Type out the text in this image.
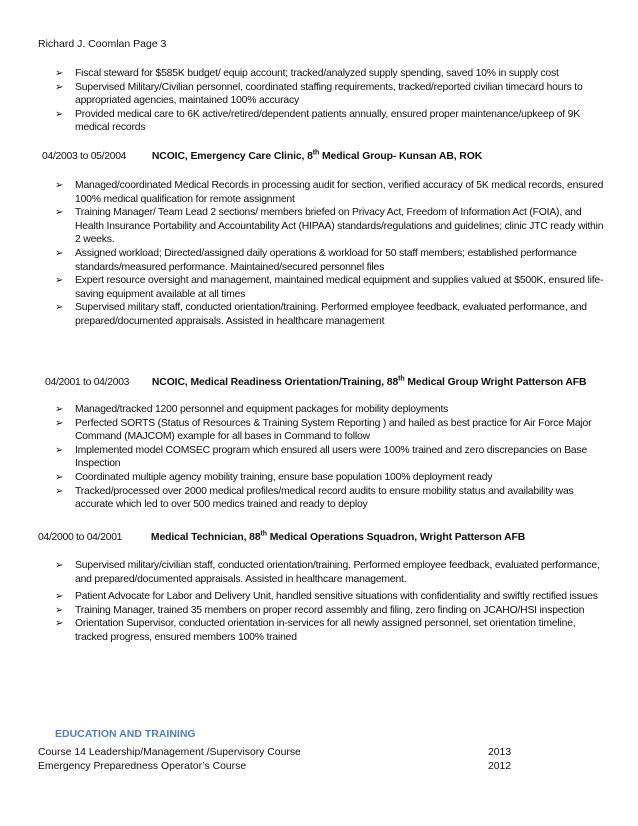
Richard J. Coomlan Page 3
➢	Fiscal steward for $585K budget/ equip account; tracked/analyzed supply spending, saved 10% in supply cost
➢	Supervised Military/Civilian personnel, coordinated staffing requirements, tracked/reported civilian timecard hours to appropriated agencies, maintained 100% accuracy
➢	Provided medical care to 6K active/retired/dependent patients annually, ensured proper maintenance/upkeep of 9K medical records
04/2003 to 05/2004 NCOIC, Emergency Care Clinic, 8th Medical Group- Kunsan AB, ROK
➢	Managed/coordinated Medical Records in processing audit for section, verified accuracy of 5K medical records, ensured 100% medical qualification for remote assignment
➢	Training Manager/ Team Lead 2 sections/ members briefed on Privacy Act, Freedom of Information Act (FOIA), and Health Insurance Portability and Accountability Act (HIPAA) standards/regulations and guidelines; clinic JTC ready within 2 weeks.
➢	Assigned workload; Directed/assigned daily operations & workload for 50 staff members; established performance standards/measured performance. Maintained/secured personnel files
➢	Expert resource oversight and management, maintained medical equipment and supplies valued at $500K, ensured life-saving equipment available at all times
➢	Supervised military staff, conducted orientation/training. Performed employee feedback, evaluated performance, and prepared/documented appraisals. Assisted in healthcare management
04/2001 to 04/2003 NCOIC, Medical Readiness Orientation/Training, 88th Medical Group Wright Patterson AFB
➢	Managed/tracked 1200 personnel and equipment packages for mobility deployments
➢	Perfected SORTS (Status of Resources & Training System Reporting ) and hailed as best practice for Air Force Major Command (MAJCOM) example for all bases in Command to follow
➢	Implemented model COMSEC program which ensured all users were 100% trained and zero discrepancies on Base Inspection
➢	Coordinated multiple agency mobility training, ensure base population 100% deployment ready
➢	Tracked/processed over 2000 medical profiles/medical record audits to ensure mobility status and availability was accurate which led to over 500 medics trained and ready to deploy
04/2000 to 04/2001	Medical Technician, 88th Medical Operations Squadron, Wright Patterson AFB
➢	Supervised military/civilian staff, conducted orientation/training. Performed employee feedback, evaluated performance, and prepared/documented appraisals. Assisted in healthcare management.
➢	Patient Advocate for Labor and Delivery Unit, handled sensitive situations with confidentiality and swiftly rectified issues
➢	Training Manager, trained 35 members on proper record assembly and filing, zero finding on JCAHO/HSI inspection
➢	Orientation Supervisor, conducted orientation in-services for all newly assigned personnel, set orientation timeline, tracked progress, ensured members 100% trained
EDUCATION AND TRAINING
Course 14 Leadership/Management /Supervisory Course	2013
Emergency Preparedness Operator’s Course	2012
